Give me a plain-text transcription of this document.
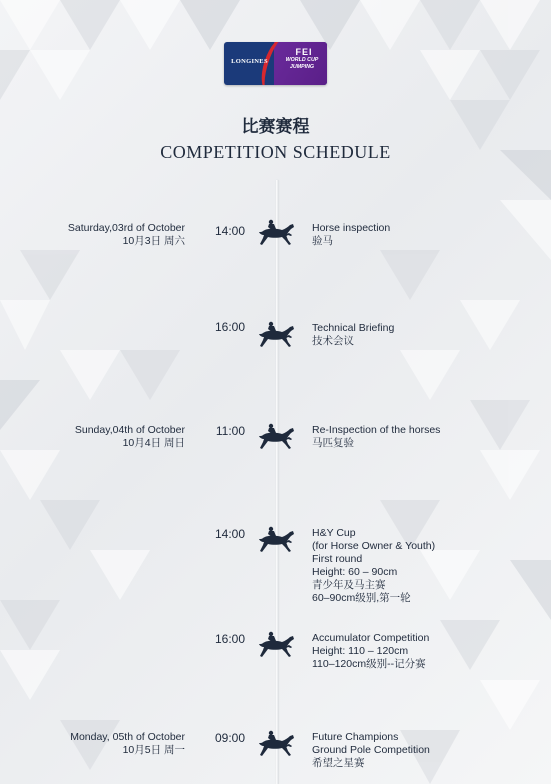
LONGINES
FEI
WORLD CUP
JUMPING
比赛赛程
COMPETITION SCHEDULE
Saturday,03rd of October
10月3日 周六
14:00	Horse inspection
验马
16:00	Technical Briefing
技术会议
Sunday,04th of October
10月4日 周日
11:00	Re-Inspection of the horses
马匹复验
14:00	H&Y Cup
(for Horse Owner & Youth)
First round
Height: 60 – 90cm
青少年及马主赛
60–90cm级别,第一轮
16:00	Accumulator Competition
Height: 110 – 120cm
110–120cm级别--记分赛
Monday, 05th of October
10月5日 周一
09:00	Future Champions
Ground Pole Competition
希望之星赛
